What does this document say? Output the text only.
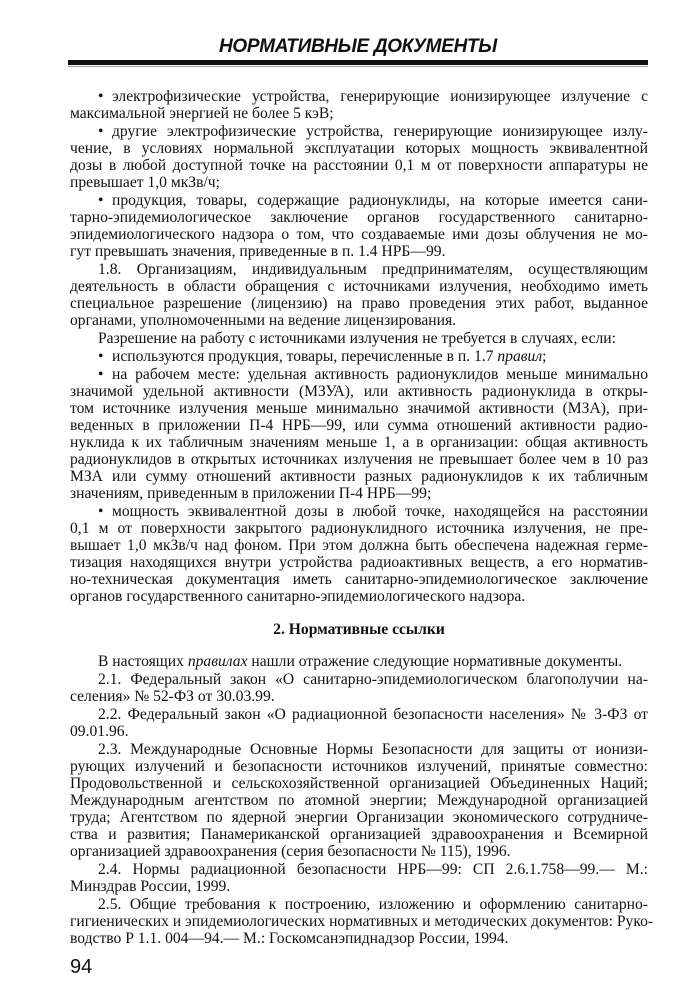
НОРМАТИВНЫЕ ДОКУМЕНТЫ
• электрофизические устройства, генерирующие ионизирующее излучение с
максимальной энергией не более 5 кэВ;
• другие электрофизические устройства, генерирующие ионизирующее излу-
чение, в условиях нормальной эксплуатации которых мощность эквивалентной
дозы в любой доступной точке на расстоянии 0,1 м от поверхности аппаратуры не
превышает 1,0 мкЗв/ч;
• продукция, товары, содержащие радионуклиды, на которые имеется сани-
тарно-эпидемиологическое заключение органов государственного санитарно-
эпидемиологического надзора о том, что создаваемые ими дозы облучения не мо-
гут превышать значения, приведенные в п. 1.4 НРБ—99.
1.8. Организациям, индивидуальным предпринимателям, осуществляющим
деятельность в области обращения с источниками излучения, необходимо иметь
специальное разрешение (лицензию) на право проведения этих работ, выданное
органами, уполномоченными на ведение лицензирования.
Разрешение на работу с источниками излучения не требуется в случаях, если:
• используются продукция, товары, перечисленные в п. 1.7 правил;
• на рабочем месте: удельная активность радионуклидов меньше минимально
значимой удельной активности (МЗУА), или активность радионуклида в откры-
том источнике излучения меньше минимально значимой активности (МЗА), при-
веденных в приложении П-4 НРБ—99, или сумма отношений активности радио-
нуклида к их табличным значениям меньше 1, а в организации: общая активность
радионуклидов в открытых источниках излучения не превышает более чем в 10 раз
МЗА или сумму отношений активности разных радионуклидов к их табличным
значениям, приведенным в приложении П-4 НРБ—99;
• мощность эквивалентной дозы в любой точке, находящейся на расстоянии
0,1 м от поверхности закрытого радионуклидного источника излучения, не пре-
вышает 1,0 мкЗв/ч над фоном. При этом должна быть обеспечена надежная герме-
тизация находящихся внутри устройства радиоактивных веществ, а его норматив-
но-техническая документация иметь санитарно-эпидемиологическое заключение
органов государственного санитарно-эпидемиологического надзора.
2. Нормативные ссылки
В настоящих правилах нашли отражение следующие нормативные документы.
2.1. Федеральный закон «О санитарно-эпидемиологическом благополучии на-
селения» № 52-ФЗ от 30.03.99.
2.2. Федеральный закон «О радиационной безопасности населения» № 3-ФЗ от
09.01.96.
2.3. Международные Основные Нормы Безопасности для защиты от ионизи-
рующих излучений и безопасности источников излучений, принятые совместно:
Продовольственной и сельскохозяйственной организацией Объединенных Наций;
Международным агентством по атомной энергии; Международной организацией
труда; Агентством по ядерной энергии Организации экономического сотрудниче-
ства и развития; Панамериканской организацией здравоохранения и Всемирной
организацией здравоохранения (серия безопасности № 115), 1996.
2.4. Нормы радиационной безопасности НРБ—99: СП 2.6.1.758—99.— М.:
Минздрав России, 1999.
2.5. Общие требования к построению, изложению и оформлению санитарно-
гигиенических и эпидемиологических нормативных и методических документов: Руко-
водство Р 1.1. 004—94.— М.: Госкомсанэпиднадзор России, 1994.
94
